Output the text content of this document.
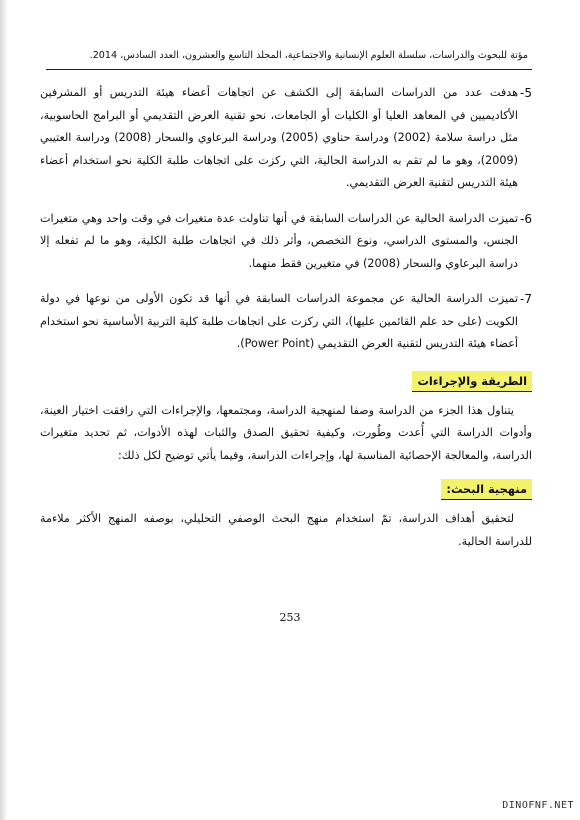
مؤتة للبحوث والدراسات، سلسلة العلوم الإنسانية والاجتماعية، المجلد التاسع والعشرون، العدد السادس، 2014.
5-
هدفت عدد من الدراسات السابقة إلى الكشف عن اتجاهات أعضاء هيئة التدريس أو المشرفين الأكاديميين في المعاهد العليا أو الكليات أو الجامعات، نحو تقنية العرض التقديمي أو البرامج الحاسوبية، مثل دراسة سلامة (2002) ودراسة حناوي (2005) ودراسة البرعاوي والسحار (2008) ودراسة العتيبي (2009)، وهو ما لم تقم به الدراسة الحالية، التي ركزت على اتجاهات طلبة الكلية نحو استخدام أعضاء هيئة التدريس لتقنية العرض التقديمي.
6-
تميزت الدراسة الحالية عن الدراسات السابقة في أنها تناولت عدة متغيرات في وقت واحد وهي متغيرات الجنس، والمستوى الدراسي، ونوع التخصص، وأثر ذلك في اتجاهات طلبة الكلية، وهو ما لم تفعله إلا دراسة البرعاوي والسحار (2008) في متغيرين فقط منهما.
7-
تميزت الدراسة الحالية عن مجموعة الدراسات السابقة في أنها قد تكون الأولى من نوعها في دولة الكويت (على حد علم القائمين عليها)، التي ركزت على اتجاهات طلبة كلية التربية الأساسية نحو استخدام أعضاء هيئة التدريس لتقنية العرض التقديمي (Power Point).
الطريقة والإجراءات

يتناول هذا الجزء من الدراسة وصفا لمنهجية الدراسة، ومجتمعها، والإجراءات التي رافقت اختيار العينة، وأدوات الدراسة التي أُعدت وطُورت، وكيفية تحقيق الصدق والثبات لهذه الأدوات، ثم تحديد متغيرات الدراسة، والمعالجة الإحصائية المناسبة لها، وإجراءات الدراسة، وفيما يأتي توضيح لكل ذلك:

منهجية البحث:

لتحقيق أهداف الدراسة، تمّ استخدام منهج البحث الوصفي التحليلي، بوصفه المنهج الأكثر ملاءمة للدراسة الحالية.

253
DINOFNF.NET
